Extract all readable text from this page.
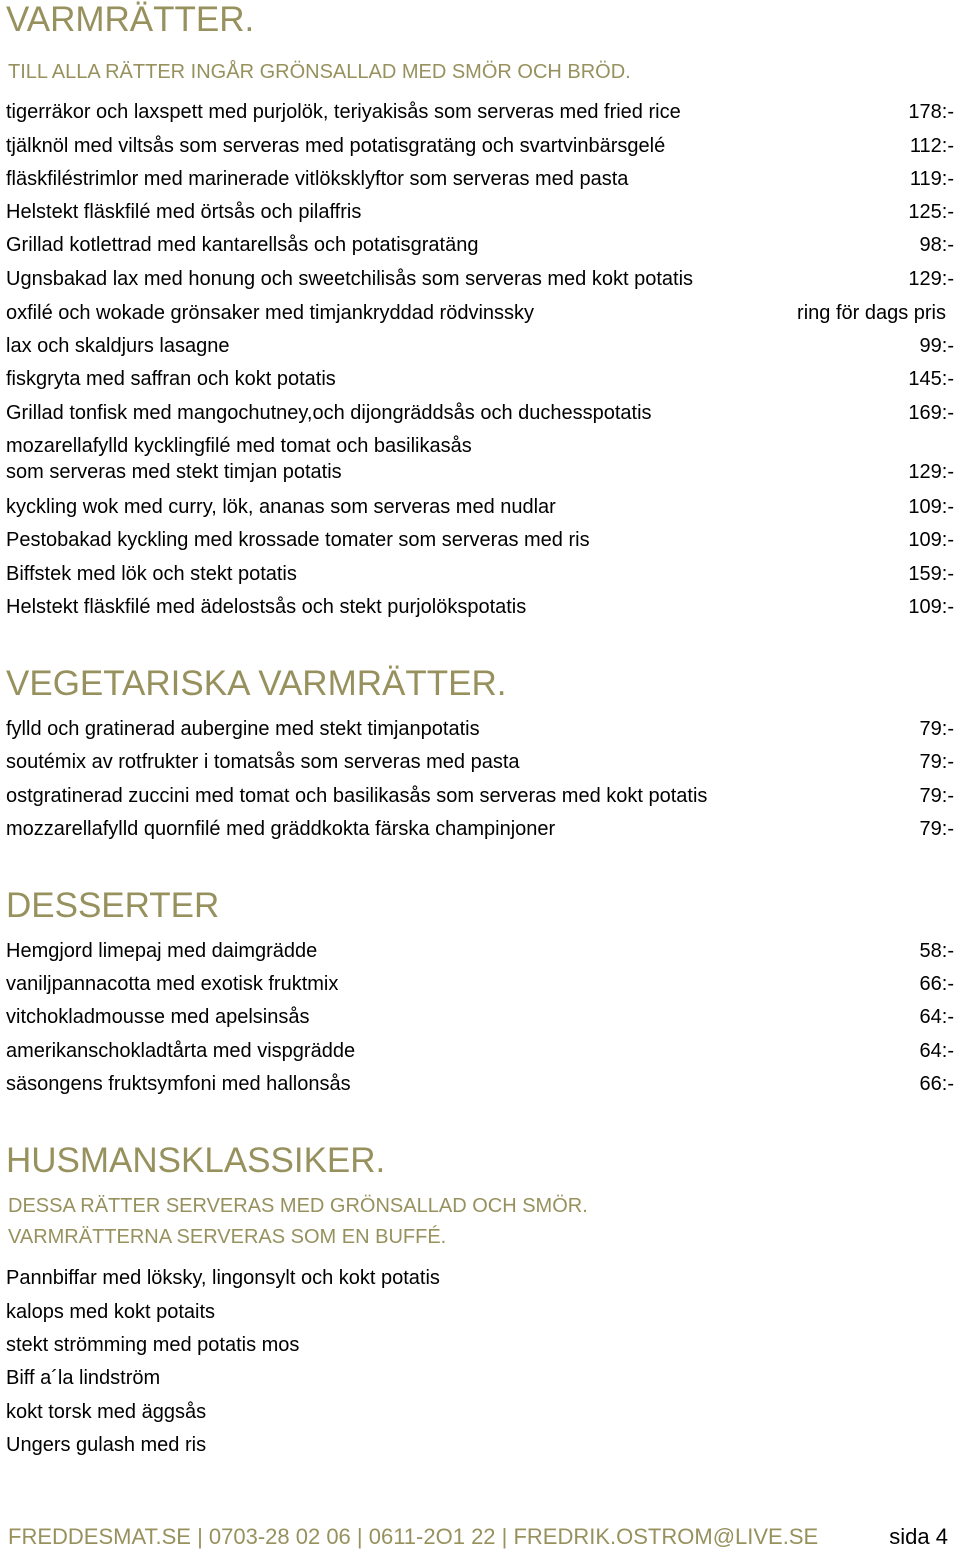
VARMRÄTTER.
TILL ALLA RÄTTER INGÅR GRÖNSALLAD MED SMÖR OCH BRÖD.
tigerräkor och laxspett med purjolök, teriyakisås som serveras med fried rice	178:-
tjälknöl med viltsås som serveras med potatisgratäng och svartvinbärsgelé	112:-
fläskfiléstrimlor med marinerade vitlöksklyftor som serveras med pasta	119:-
Helstekt fläskfilé med örtsås och pilaffris	125:-
Grillad kotlettrad med kantarellsås och potatisgratäng	98:-
Ugnsbakad lax med honung och sweetchilisås som serveras med kokt potatis	129:-
oxfilé och wokade grönsaker med timjankryddad rödvinssky	ring för dags pris
lax och skaldjurs lasagne	99:-
fiskgryta med saffran och kokt potatis	145:-
Grillad tonfisk med mangochutney,och dijongräddsås och duchesspotatis	169:-
mozarellafylld kycklingfilé med tomat och basilikasås
som serveras med stekt timjan potatis	129:-
kyckling wok med curry, lök, ananas som serveras med nudlar	109:-
Pestobakad kyckling med krossade tomater som serveras med ris	109:-
Biffstek med lök och stekt potatis	159:-
Helstekt fläskfilé med ädelostsås och stekt purjolökspotatis	109:-
VEGETARISKA VARMRÄTTER.
fylld och gratinerad aubergine med stekt timjanpotatis	79:-
soutémix av rotfrukter i tomatsås som serveras med pasta	79:-
ostgratinerad zuccini med tomat och basilikasås som serveras med kokt potatis	79:-
mozzarellafylld quornfilé med gräddkokta färska champinjoner	79:-
DESSERTER
Hemgjord limepaj med daimgrädde	58:-
vaniljpannacotta med exotisk fruktmix	66:-
vitchokladmousse med apelsinsås	64:-
amerikanschokladtårta med vispgrädde	64:-
säsongens fruktsymfoni med hallonsås	66:-
HUSMANSKLASSIKER.
DESSA RÄTTER SERVERAS MED GRÖNSALLAD OCH SMÖR.
VARMRÄTTERNA SERVERAS SOM EN BUFFÉ.
Pannbiffar med löksky, lingonsylt och kokt potatis
kalops med kokt potaits
stekt strömming med potatis mos
Biff a´la lindström
kokt torsk med äggsås
Ungers gulash med ris
FREDDESMAT.SE | 0703-28 02 06 | 0611-2O1 22 | FREDRIK.OSTROM@LIVE.SE	sida 4
